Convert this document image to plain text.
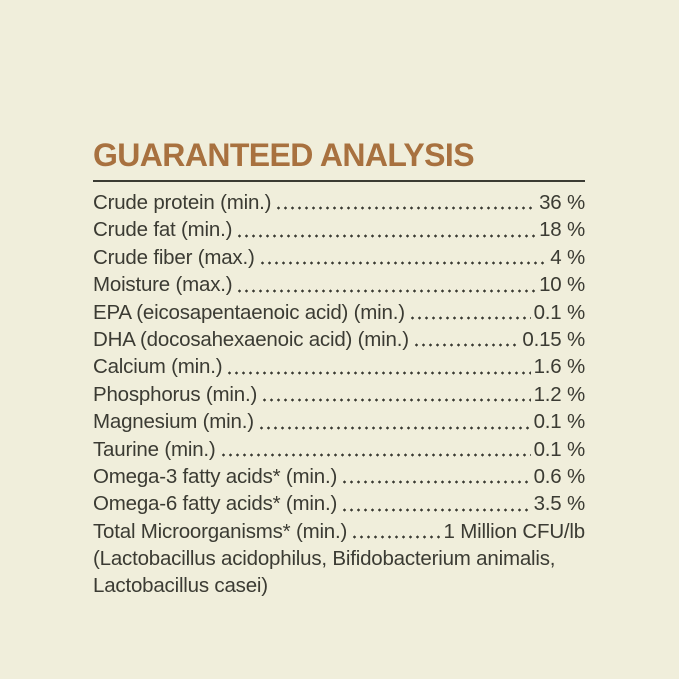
GUARANTEED ANALYSIS
Crude protein (min.)	36 %
Crude fat (min.)	18 %
Crude fiber (max.)	4 %
Moisture (max.)	10 %
EPA (eicosapentaenoic acid) (min.)	0.1 %
DHA (docosahexaenoic acid) (min.)	0.15 %
Calcium (min.)	1.6 %
Phosphorus (min.)	1.2 %
Magnesium (min.)	0.1 %
Taurine (min.)	0.1 %
Omega-3 fatty acids* (min.)	0.6 %
Omega-6 fatty acids* (min.)	3.5 %
Total Microorganisms* (min.)	1 Million CFU/lb
(Lactobacillus acidophilus, Bifidobacterium animalis,
Lactobacillus casei)
